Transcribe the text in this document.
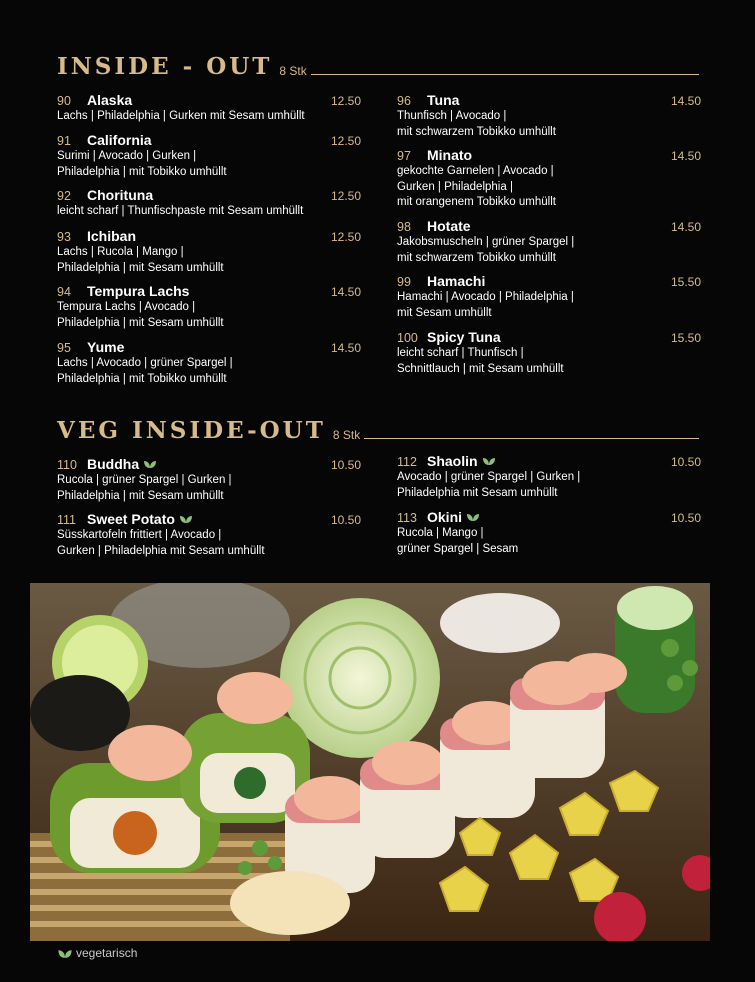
INSIDE - OUT 8 Stk
VEG INSIDE-OUT 8 Stk
90	Alaska	12.50
Lachs | Philadelphia | Gurken mit Sesam umhüllt
91	California	12.50
Surimi | Avocado | Gurken |
Philadelphia | mit Tobikko umhüllt
92	Chorituna	12.50
leicht scharf | Thunfischpaste mit Sesam umhüllt
93	Ichiban	12.50
Lachs | Rucola | Mango |
Philadelphia | mit Sesam umhüllt
94	Tempura Lachs	14.50
Tempura Lachs | Avocado |
Philadelphia | mit Sesam umhüllt
95	Yume	14.50
Lachs | Avocado | grüner Spargel |
Philadelphia | mit Tobikko umhüllt
96	Tuna	14.50
Thunfisch | Avocado |
mit schwarzem Tobikko umhüllt
97	Minato	14.50
gekochte Garnelen | Avocado |
Gurken | Philadelphia |
mit orangenem Tobikko umhüllt
98	Hotate	14.50
Jakobsmuscheln | grüner Spargel |
mit schwarzem Tobikko umhüllt
99	Hamachi	15.50
Hamachi | Avocado | Philadelphia |
mit Sesam umhüllt
100 Spicy Tuna	15.50
leicht scharf | Thunfisch |
Schnittlauch | mit Sesam umhüllt
110 Buddha	10.50
Rucola | grüner Spargel | Gurken |
Philadelphia | mit Sesam umhüllt
111 Sweet Potato	10.50
Süsskartofeln frittiert | Avocado |
Gurken | Philadelphia mit Sesam umhüllt
112 Shaolin	10.50
Avocado | grüner Spargel | Gurken |
Philadelphia mit Sesam umhüllt
113 Okini	10.50
Rucola | Mango |
grüner Spargel | Sesam
vegetarisch
